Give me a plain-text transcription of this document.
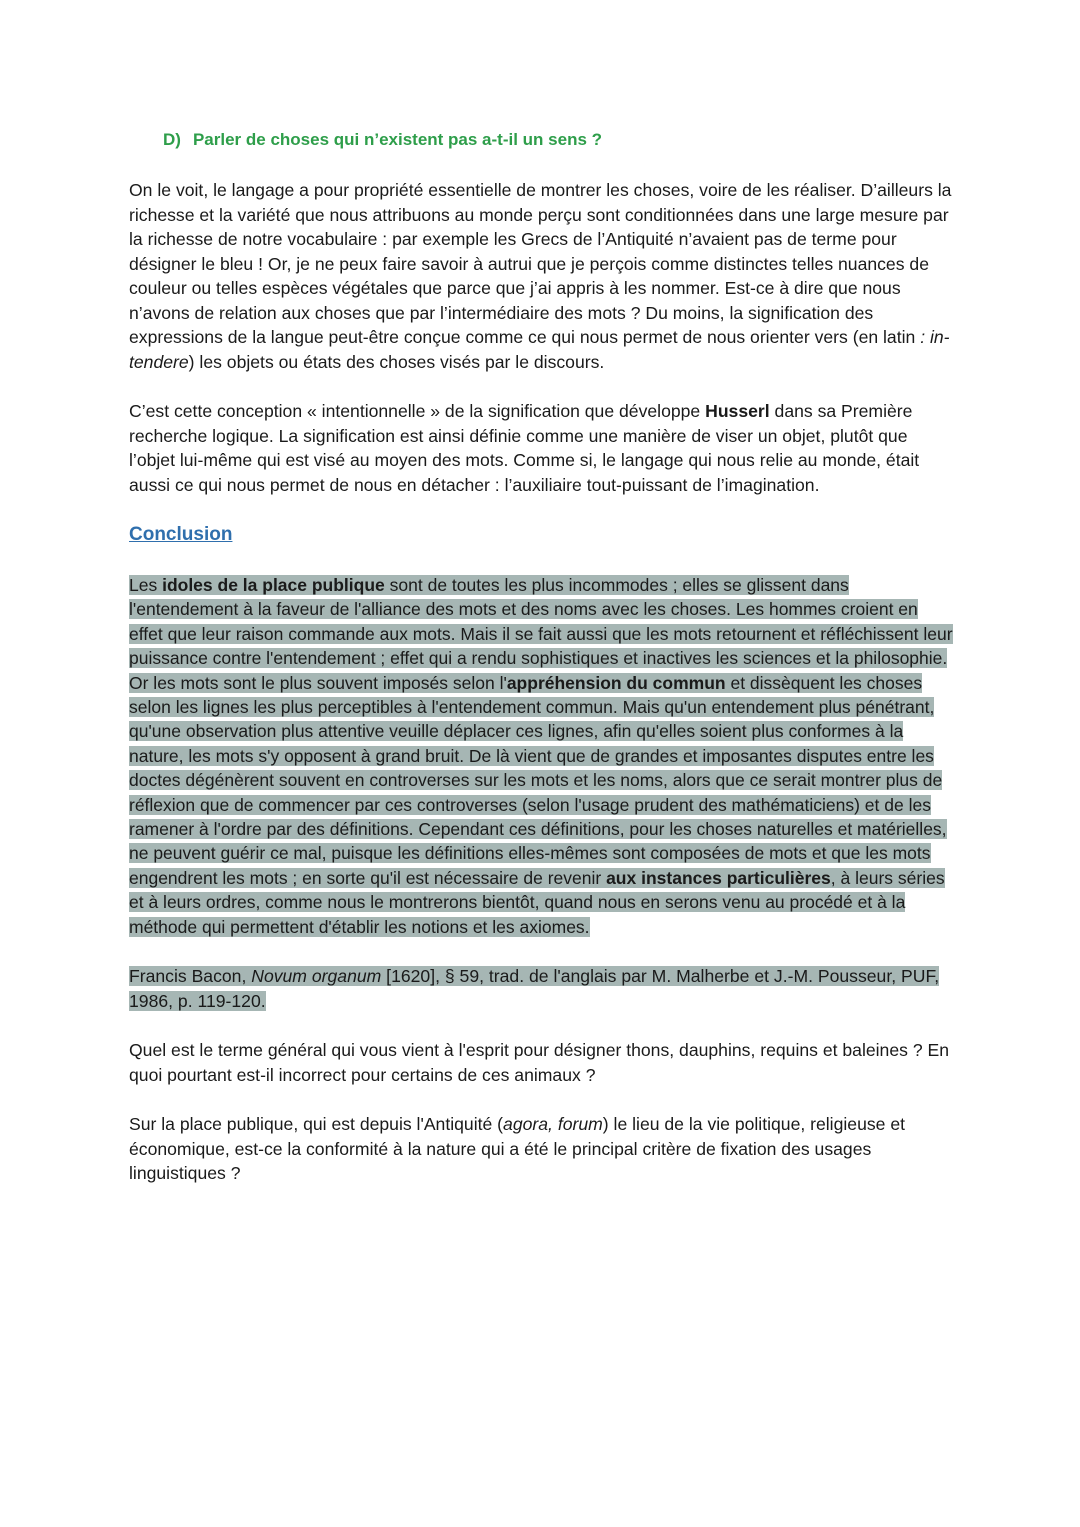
D) Parler de choses qui n’existent pas a-t-il un sens ?

On le voit, le langage a pour propriété essentielle de montrer les choses, voire de les réaliser. D’ailleurs la richesse et la variété que nous attribuons au monde perçu sont conditionnées dans une large mesure par la richesse de notre vocabulaire : par exemple les Grecs de l’Antiquité n’avaient pas de terme pour désigner le bleu ! Or, je ne peux faire savoir à autrui que je perçois comme distinctes telles nuances de couleur ou telles espèces végétales que parce que j’ai appris à les nommer. Est-ce à dire que nous n’avons de relation aux choses que par l’intermédiaire des mots ? Du moins, la signification des expressions de la langue peut-être conçue comme ce qui nous permet de nous orienter vers (en latin : in-tendere) les objets ou états des choses visés par le discours.

C’est cette conception « intentionnelle » de la signification que développe Husserl dans sa Première recherche logique. La signification est ainsi définie comme une manière de viser un objet, plutôt que l’objet lui-même qui est visé au moyen des mots. Comme si, le langage qui nous relie au monde, était aussi ce qui nous permet de nous en détacher : l’auxiliaire tout-puissant de l’imagination.

Conclusion

Les idoles de la place publique sont de toutes les plus incommodes ; elles se glissent dans l'entendement à la faveur de l'alliance des mots et des noms avec les choses. Les hommes croient en effet que leur raison commande aux mots. Mais il se fait aussi que les mots retournent et réfléchissent leur puissance contre l'entendement ; effet qui a rendu sophistiques et inactives les sciences et la philosophie. Or les mots sont le plus souvent imposés selon l'appréhension du commun et dissèquent les choses selon les lignes les plus perceptibles à l'entendement commun. Mais qu'un entendement plus pénétrant, qu'une observation plus attentive veuille déplacer ces lignes, afin qu'elles soient plus conformes à la nature, les mots s'y opposent à grand bruit. De là vient que de grandes et imposantes disputes entre les doctes dégénèrent souvent en controverses sur les mots et les noms, alors que ce serait montrer plus de réflexion que de commencer par ces controverses (selon l'usage prudent des mathématiciens) et de les ramener à l'ordre par des définitions. Cependant ces définitions, pour les choses naturelles et matérielles, ne peuvent guérir ce mal, puisque les définitions elles-mêmes sont composées de mots et que les mots engendrent les mots ; en sorte qu'il est nécessaire de revenir aux instances particulières, à leurs séries et à leurs ordres, comme nous le montrerons bientôt, quand nous en serons venu au procédé et à la méthode qui permettent d'établir les notions et les axiomes.

Francis Bacon, Novum organum [1620], § 59, trad. de l'anglais par M. Malherbe et J.-M. Pousseur, PUF, 1986, p. 119-120.

Quel est le terme général qui vous vient à l'esprit pour désigner thons, dauphins, requins et baleines ? En quoi pourtant est-il incorrect pour certains de ces animaux ?

Sur la place publique, qui est depuis l'Antiquité (agora, forum) le lieu de la vie politique, religieuse et économique, est-ce la conformité à la nature qui a été le principal critère de fixation des usages linguistiques ?
